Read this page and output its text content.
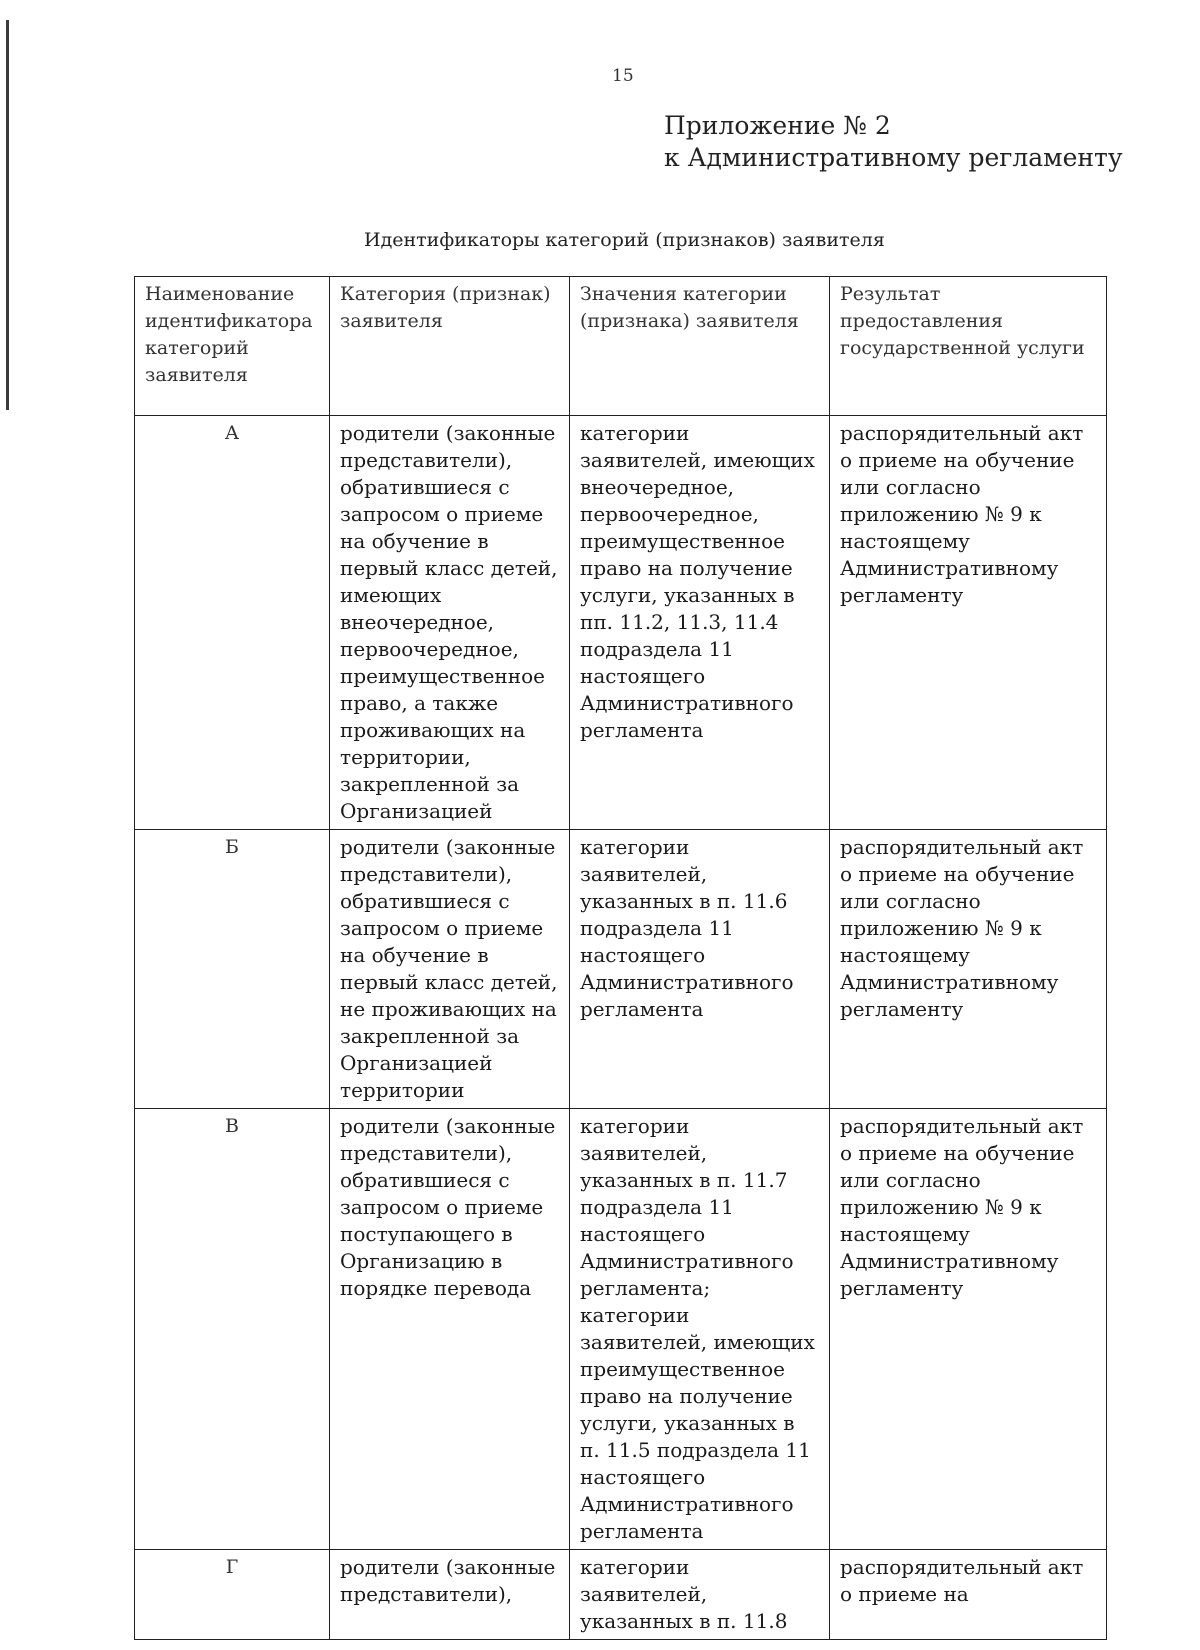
15
Приложение № 2
к Административному регламенту
Идентификаторы категорий (признаков) заявителя
Наименование идентификатора категорий заявителя	Категория (признак) заявителя	Значения категории (признака) заявителя	Результат предоставления государственной услуги
А	родители (законные представители), обратившиеся с запросом о приеме на обучение в первый класс детей, имеющих внеочередное, первоочередное, преимущественное право, а также проживающих на территории, закрепленной за Организацией	категории заявителей, имеющих внеочередное, первоочередное, преимущественное право на получение услуги, указанных в пп. 11.2, 11.3, 11.4 подраздела 11 настоящего Административного регламента	распорядительный акт о приеме на обучение или согласно приложению № 9 к настоящему Административному регламенту
Б	родители (законные представители), обратившиеся с запросом о приеме на обучение в первый класс детей, не проживающих на закрепленной за Организацией территории	категории заявителей, указанных в п. 11.6 подраздела 11 настоящего Административного регламента	распорядительный акт о приеме на обучение или согласно приложению № 9 к настоящему Административному регламенту
В	родители (законные представители), обратившиеся с запросом о приеме поступающего в Организацию в порядке перевода	категории заявителей, указанных в п. 11.7 подраздела 11 настоящего Административного регламента; категории заявителей, имеющих преимущественное право на получение услуги, указанных в п. 11.5 подраздела 11 настоящего Административного регламента	распорядительный акт о приеме на обучение или согласно приложению № 9 к настоящему Административному регламенту
Г	родители (законные представители),	категории заявителей, указанных в п. 11.8	распорядительный акт о приеме на
